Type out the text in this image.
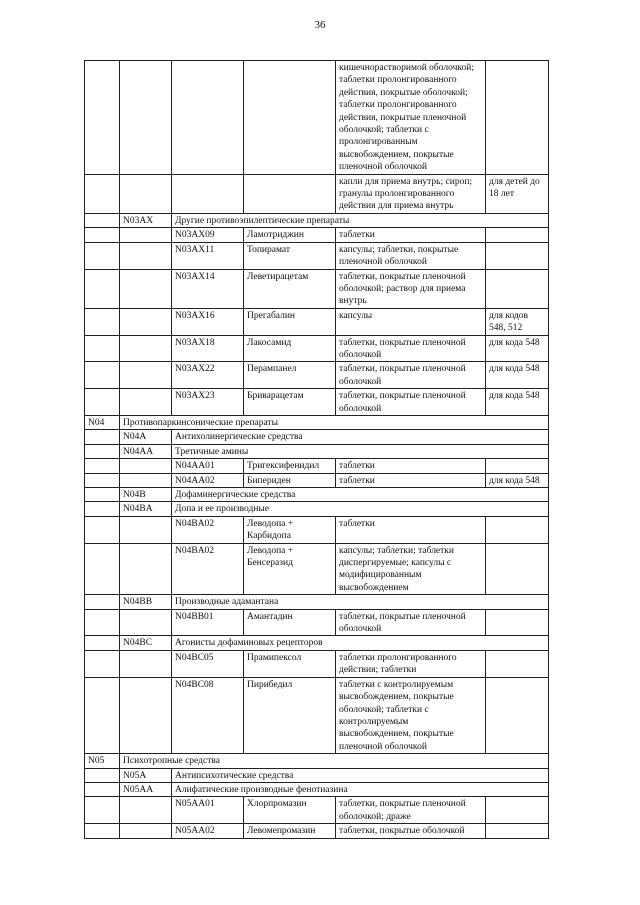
36
				кишечнорастворимой оболочкой; таблетки пролонгированного действия, покрытые оболочкой; таблетки пролонгированного действия, покрытые пленочной оболочкой; таблетки с пролонгированным высвобождением, покрытые пленочной оболочкой	
				капли для приема внутрь; сироп; гранулы пролонгированного действия для приема внутрь	для детей до 18 лет
	N03AX	Другие противоэпилептические препараты			
		N03AX09	Ламотриджин	таблетки	
		N03AX11	Топирамат	капсулы; таблетки, покрытые пленочной оболочкой	
		N03AX14	Леветирацетам	таблетки, покрытые пленочной оболочкой; раствор для приема внутрь	
		N03AX16	Прегабалин	капсулы	для кодов 548, 512
		N03AX18	Лакосамид	таблетки, покрытые пленочной оболочкой	для кода 548
		N03AX22	Перампанел	таблетки, покрытые пленочной оболочкой	для кода 548
		N03AX23	Бриварацетам	таблетки, покрытые пленочной оболочкой	для кода 548
N04	Противопаркинсонические препараты				
	N04A	Антихолинергические средства			
	N04AA	Третичные амины			
		N04AA01	Тригексифенидил	таблетки	
		N04AA02	Бипериден	таблетки	для кода 548
	N04B	Дофаминергические средства			
	N04BA	Допа и ее производные			
		N04BA02	Леводопа + Карбидопа	таблетки	
		N04BA02	Леводопа + Бенсеразид	капсулы; таблетки; таблетки диспергируемые; капсулы с модифицированным высвобождением	
	N04BB	Производные адамантана			
		N04BB01	Амантадин	таблетки, покрытые пленочной оболочкой	
	N04BC	Агонисты дофаминовых рецепторов			
		N04BC05	Прамипексол	таблетки пролонгированного действия; таблетки	
		N04BC08	Пирибедил	таблетки с контролируемым высвобождением, покрытые оболочкой; таблетки с контролируемым высвобождением, покрытые пленочной оболочкой	
N05	Психотропные средства				
	N05A	Антипсихотические средства			
	N05AA	Алифатические производные фенотиазина			
		N05AA01	Хлорпромазин	таблетки, покрытые пленочной оболочкой; драже	
		N05AA02	Левомепромазин	таблетки, покрытые оболочкой	
